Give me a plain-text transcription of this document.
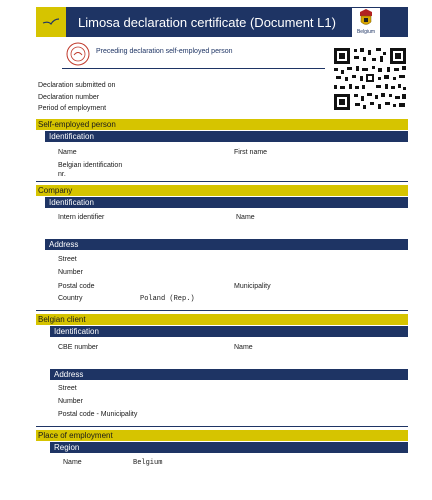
Limosa declaration certificate (Document L1)
Belgium
Preceding declaration self-employed person
Declaration submitted on
Declaration number
Period of employment
Self-employed person
Identification
Name	First name
Belgian identification
nr.
Company
Identification
Intern identifier	Name
Address
Street
Number
Postal code	Municipality
Country	Poland (Rep.)
Belgian client
Identification
CBE number	Name
Address
Street
Number
Postal code - Municipality
Place of employment
Region
Name	Belgium
